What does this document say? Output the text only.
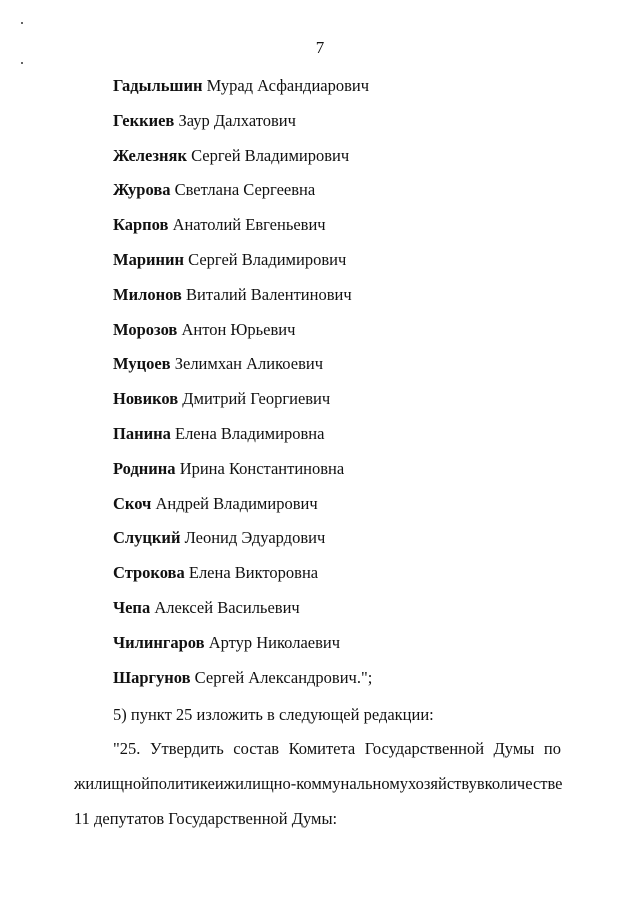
7
Гадыльшин Мурад Асфандиарович
Геккиев Заур Далхатович
Железняк Сергей Владимирович
Журова Светлана Сергеевна
Карпов Анатолий Евгеньевич
Маринин Сергей Владимирович
Милонов Виталий Валентинович
Морозов Антон Юрьевич
Муцоев Зелимхан Аликоевич
Новиков Дмитрий Георгиевич
Панина Елена Владимировна
Роднина Ирина Константиновна
Скоч Андрей Владимирович
Слуцкий Леонид Эдуардович
Строкова Елена Викторовна
Чепа Алексей Васильевич
Чилингаров Артур Николаевич
Шаргунов Сергей Александрович.";
5) пункт 25 изложить в следующей редакции:
"25. Утвердить состав Комитета Государственной Думы по
жилищной политике и жилищно-коммунальному хозяйству в количестве
11 депутатов Государственной Думы:
